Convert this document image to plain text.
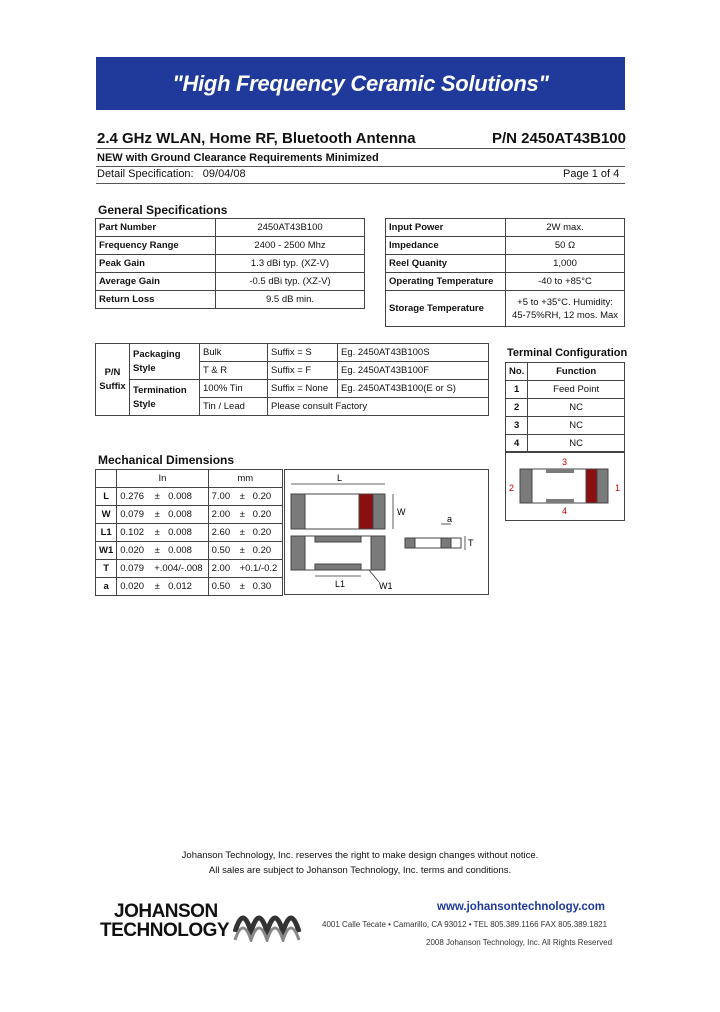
"High Frequency Ceramic Solutions"
2.4 GHz WLAN, Home RF, Bluetooth Antenna	P/N 2450AT43B100
NEW with Ground Clearance Requirements Minimized
Detail Specification:   09/04/08	Page 1 of 4
General Specifications
Part Number	2450AT43B100
Frequency Range	2400 - 2500 Mhz
Peak Gain	1.3 dBi typ. (XZ-V)
Average Gain	-0.5 dBi typ. (XZ-V)
Return Loss	9.5 dB min.
Input Power	2W max.
Impedance	50 Ω
Reel Quanity	1,000
Operating Temperature	-40 to +85°C
Storage Temperature	+5 to +35°C. Humidity: 45-75%RH, 12 mos. Max
P/N Suffix	Packaging Style	Bulk	Suffix = S	Eg. 2450AT43B100S
		T & R	Suffix = F	Eg. 2450AT43B100F
	Termination Style	100% Tin	Suffix = None	Eg. 2450AT43B100(E or S)
		Tin / Lead	Please consult Factory	
Terminal Configuration
No.	Function
1	Feed Point
2	NC
3	NC
4	NC
1
2
3
4
Mechanical Dimensions
	In			mm		
L	0.276	±	0.008	7.00	±	0.20
W	0.079	±	0.008	2.00	±	0.20
L1	0.102	±	0.008	2.60	±	0.20
W1	0.020	±	0.008	0.50	±	0.20
T	0.079	+.004/-.008		2.00	+0.1/-0.2	
a	0.020	±	0.012	0.50	±	0.30
L
W
L1	W1
a
T
Johanson Technology, Inc. reserves the right to make design changes without notice.
All sales are subject to Johanson Technology, Inc. terms and conditions.
JOHANSON
TECHNOLOGY
www.johansontechnology.com
4001 Calle Tecate • Camarillo, CA 93012 • TEL 805.389.1166 FAX 805.389.1821
2008 Johanson Technology, Inc. All Rights Reserved
